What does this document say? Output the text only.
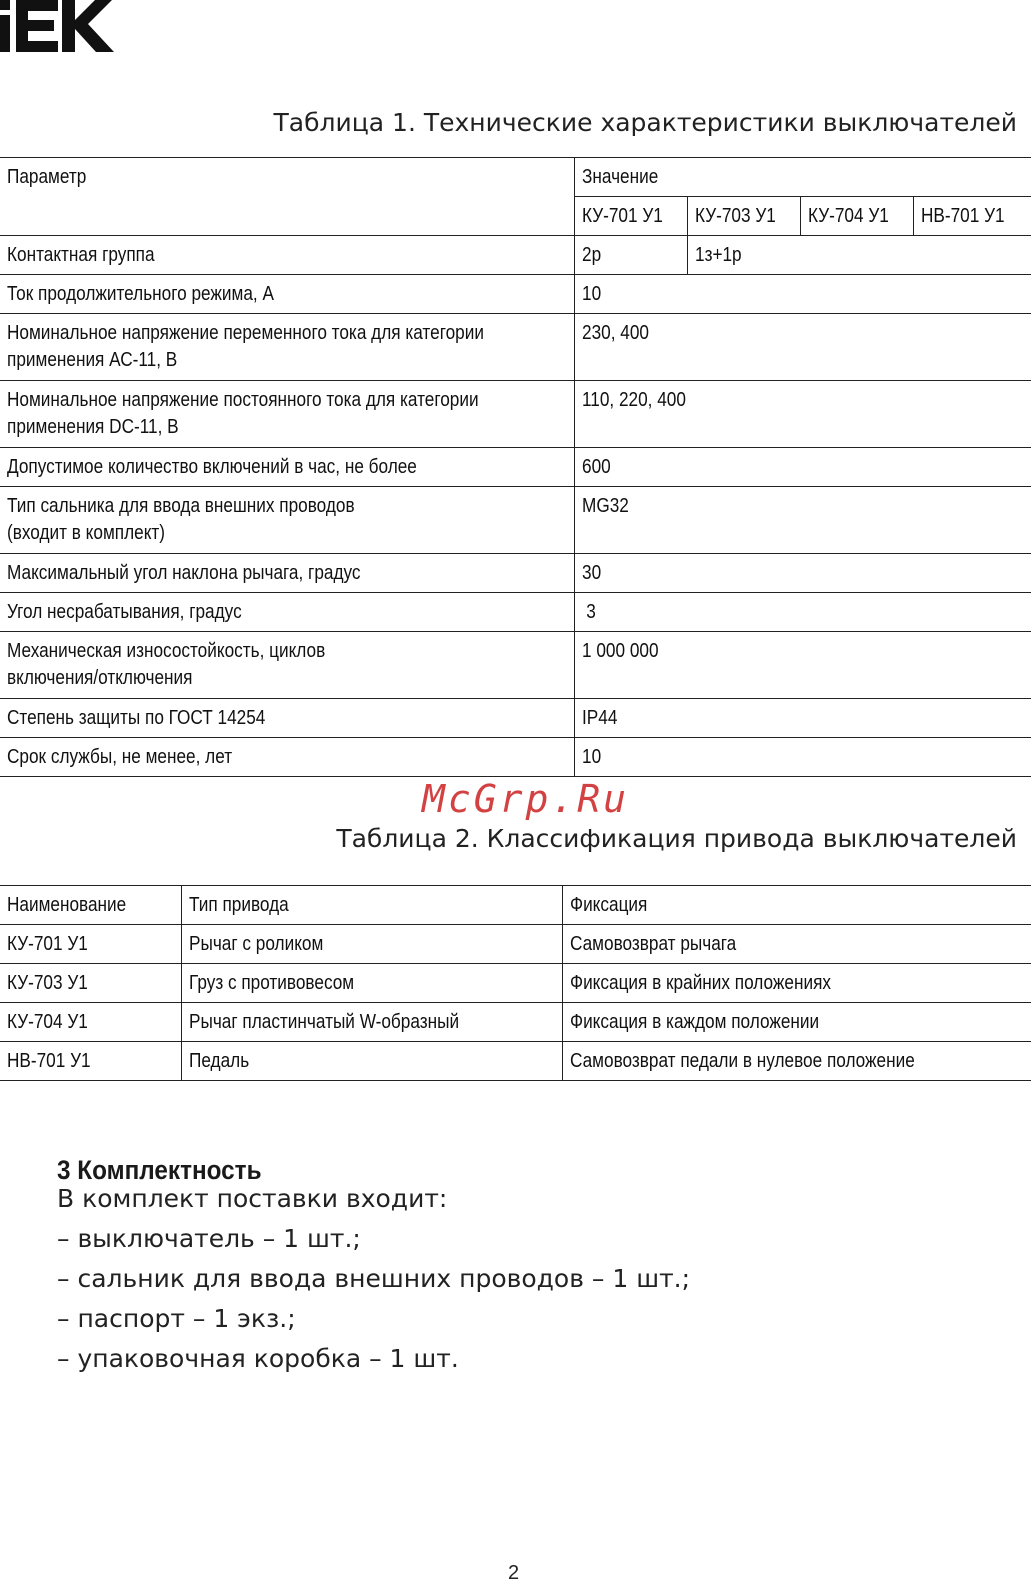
Таблица 1. Технические характеристики выключателей
Параметр	Значение			
	КУ-701 У1	КУ-703 У1	КУ-704 У1	НВ-701 У1
Контактная группа	2р	1з+1р		
Ток продолжительного режима, А	10			
Номинальное напряжение переменного тока для категории применения АС-11, В	230, 400			
Номинальное напряжение постоянного тока для категории применения DC-11, В	110, 220, 400			
Допустимое количество включений в час, не более	600			
Тип сальника для ввода внешних проводов (входит в комплект)	MG32			
Максимальный угол наклона рычага, градус	30			
Угол несрабатывания, градус	3			
Механическая износостойкость, циклов включения/отключения	1 000 000			
Степень защиты по ГОСТ 14254	IP44			
Срок службы, не менее, лет	10			
McGrp.Ru
Таблица 2. Классификация привода выключателей
Наименование	Тип привода	Фиксация
КУ-701 У1	Рычаг с роликом	Самовозврат рычага
КУ-703 У1	Груз с противовесом	Фиксация в крайних положениях
КУ-704 У1	Рычаг пластинчатый W-образный	Фиксация в каждом положении
НВ-701 У1	Педаль	Самовозврат педали в нулевое положение
3 Комплектность
В комплект поставки входит:
– выключатель – 1 шт.;
– сальник для ввода внешних проводов – 1 шт.;
– паспорт – 1 экз.;
– упаковочная коробка – 1 шт.
2
